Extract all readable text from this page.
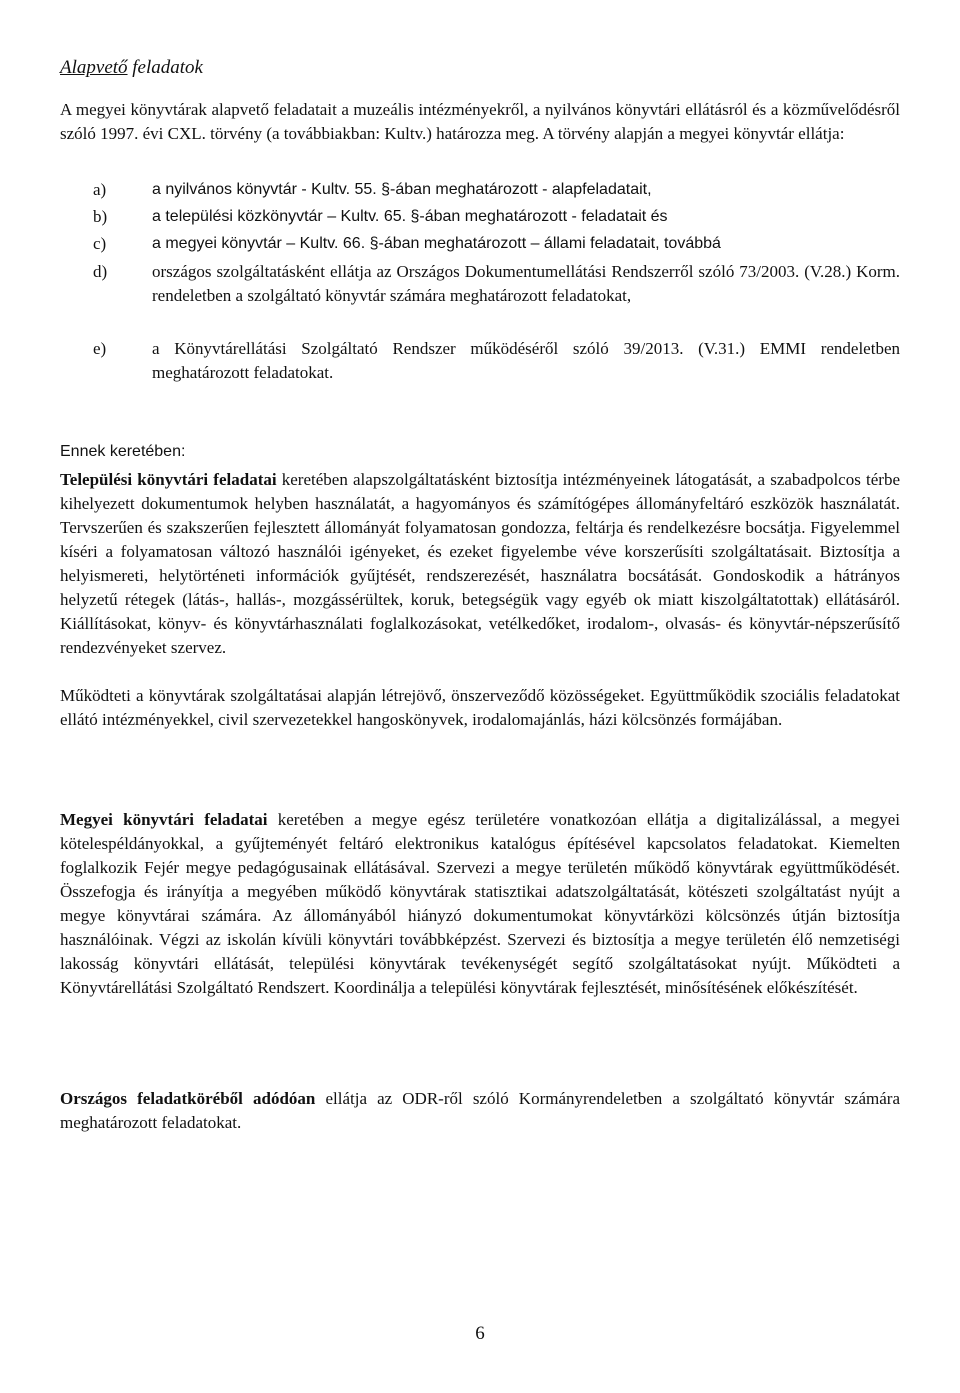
Alapvető feladatok
A megyei könyvtárak alapvető feladatait a muzeális intézményekről, a nyilvános könyvtári ellátásról és a közművelődésről szóló 1997. évi CXL. törvény (a továbbiakban: Kultv.) határozza meg. A törvény alapján a megyei könyvtár ellátja:
a)	a nyilvános könyvtár - Kultv. 55. §-ában meghatározott - alapfeladatait,
b)	a települési közkönyvtár – Kultv. 65. §-ában meghatározott - feladatait és
c)	a megyei könyvtár – Kultv. 66. §-ában meghatározott – állami feladatait, továbbá
d)	országos szolgáltatásként ellátja az Országos Dokumentumellátási Rendszerről szóló 73/2003. (V.28.) Korm. rendeletben a szolgáltató könyvtár számára meghatározott feladatokat,
e)	a Könyvtárellátási Szolgáltató Rendszer működéséről szóló 39/2013. (V.31.) EMMI rendeletben meghatározott feladatokat.
Ennek keretében:
Települési könyvtári feladatai keretében alapszolgáltatásként biztosítja intézményeinek látogatását, a szabadpolcos térbe kihelyezett dokumentumok helyben használatát, a hagyományos és számítógépes állományfeltáró eszközök használatát. Tervszerűen és szakszerűen fejlesztett állományát folyamatosan gondozza, feltárja és rendelkezésre bocsátja. Figyelemmel kíséri a folyamatosan változó használói igényeket, és ezeket figyelembe véve korszerűsíti szolgáltatásait. Biztosítja a helyismereti, helytörténeti információk gyűjtését, rendszerezését, használatra bocsátását. Gondoskodik a hátrányos helyzetű rétegek (látás-, hallás-, mozgássérültek, koruk, betegségük vagy egyéb ok miatt kiszolgáltatottak) ellátásáról. Kiállításokat, könyv- és könyvtárhasználati foglalkozásokat, vetélkedőket, irodalom-, olvasás- és könyvtár-népszerűsítő rendezvényeket szervez.
Működteti a könyvtárak szolgáltatásai alapján létrejövő, önszerveződő közösségeket. Együttműködik szociális feladatokat ellátó intézményekkel, civil szervezetekkel hangoskönyvek, irodalomajánlás, házi kölcsönzés formájában.
Megyei könyvtári feladatai keretében a megye egész területére vonatkozóan ellátja a digitalizálással, a megyei kötelespéldányokkal, a gyűjteményét feltáró elektronikus katalógus építésével kapcsolatos feladatokat. Kiemelten foglalkozik Fejér megye pedagógusainak ellátásával. Szervezi a megye területén működő könyvtárak együttműködését. Összefogja és irányítja a megyében működő könyvtárak statisztikai adatszolgáltatását, kötészeti szolgáltatást nyújt a megye könyvtárai számára. Az állományából hiányzó dokumentumokat könyvtárközi kölcsönzés útján biztosítja használóinak. Végzi az iskolán kívüli könyvtári továbbképzést. Szervezi és biztosítja a megye területén élő nemzetiségi lakosság könyvtári ellátását, települési könyvtárak tevékenységét segítő szolgáltatásokat nyújt. Működteti a Könyvtárellátási Szolgáltató Rendszert. Koordinálja a települési könyvtárak fejlesztését, minősítésének előkészítését.
Országos feladatköréből adódóan ellátja az ODR-ről szóló Kormányrendeletben a szolgáltató könyvtár számára meghatározott feladatokat.
6
